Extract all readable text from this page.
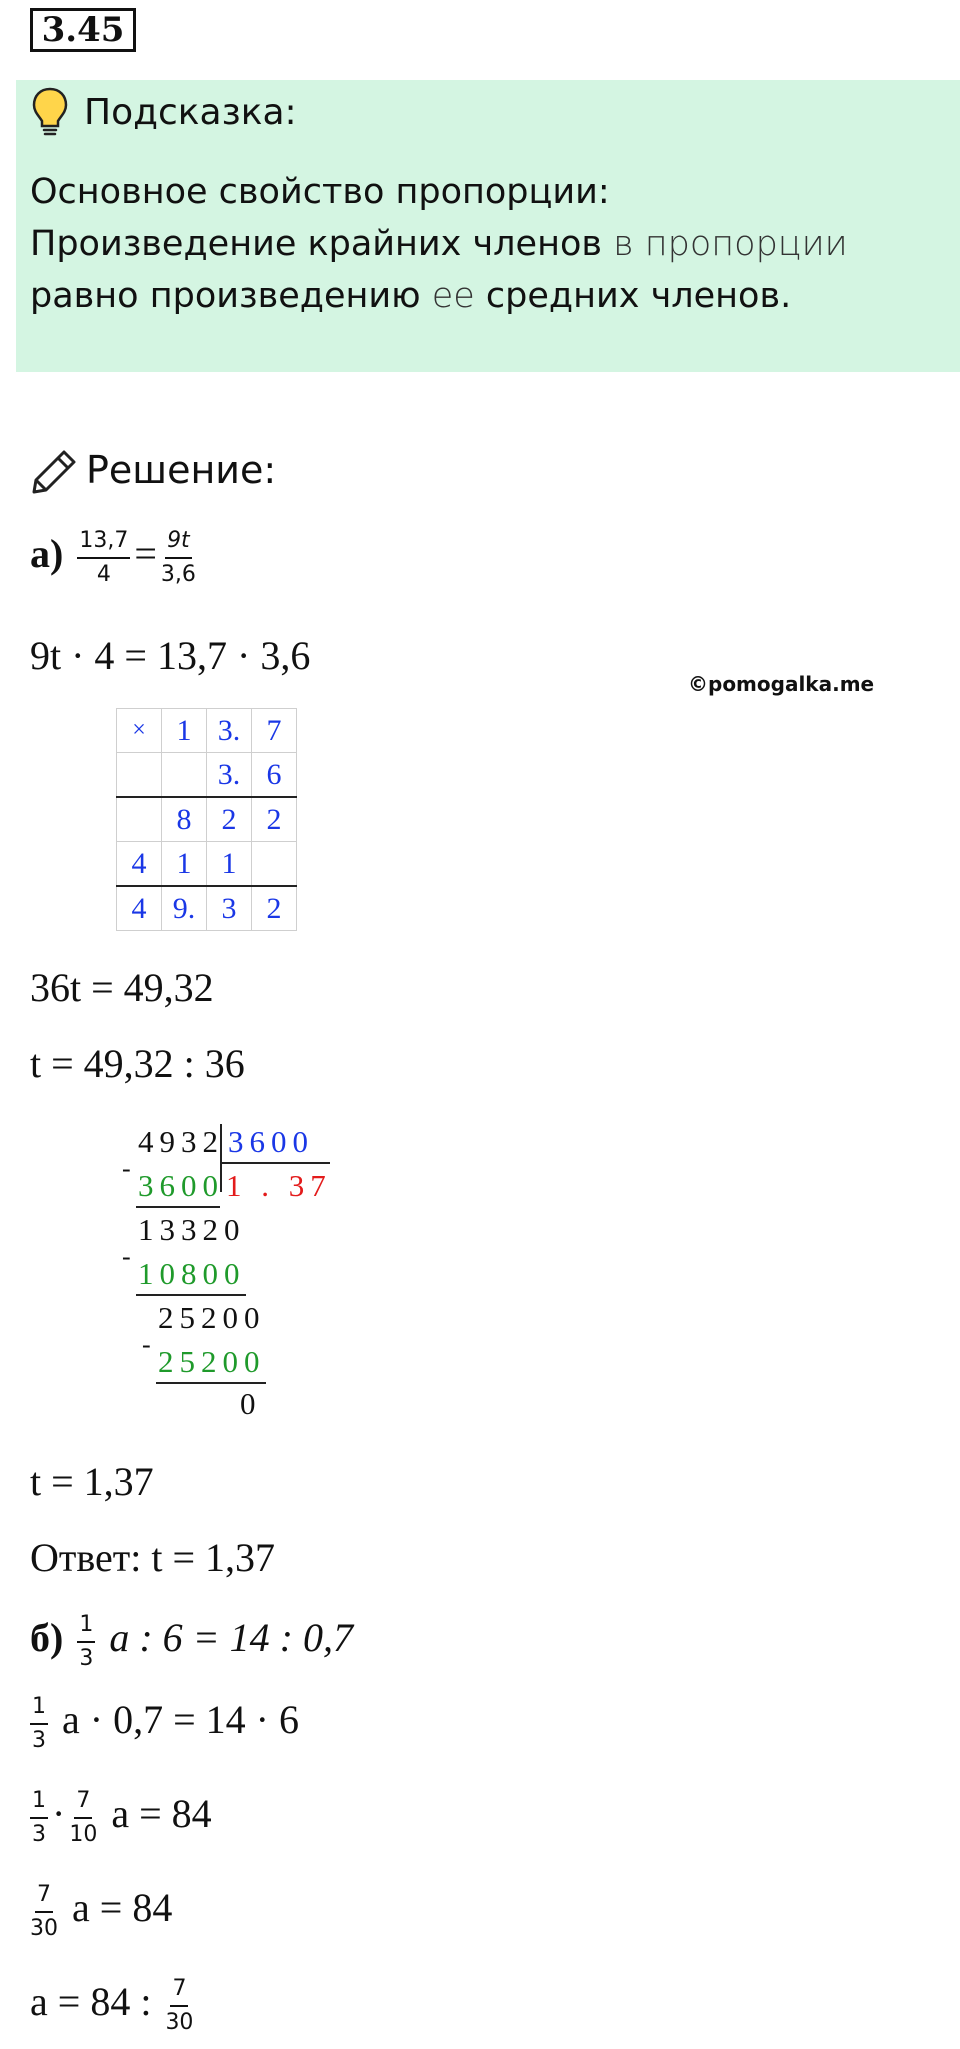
3.45
Подсказка:
Основное свойство пропорции:
Произведение крайних членов в пропорции равно произведению ее средних членов.
Решение:
$а) \frac{13,7}{4} = \frac{9t}{3,6}$
9t · 4 = 13,7 · 3,6
©pomogalka.me
×	1	3.	7
		3.	6
	8	2	2
4	1	1	
4	9.	3	2
36t = 49,32
t = 49,32 : 36
4932 3600
- 3600 1 . 37
13320
- 10800
25200
- 25200
0
t = 1,37
Ответ: t = 1,37
$б) \frac{1}{3}$ a : 6 = 14 : 0,7
$\frac{1}{3}$ a · 0,7 = 14 · 6
$\frac{1}{3} \cdot \frac{7}{10}$ a = 84
$\frac{7}{30}$ a = 84
a = 84 : $\frac{7}{30}$
